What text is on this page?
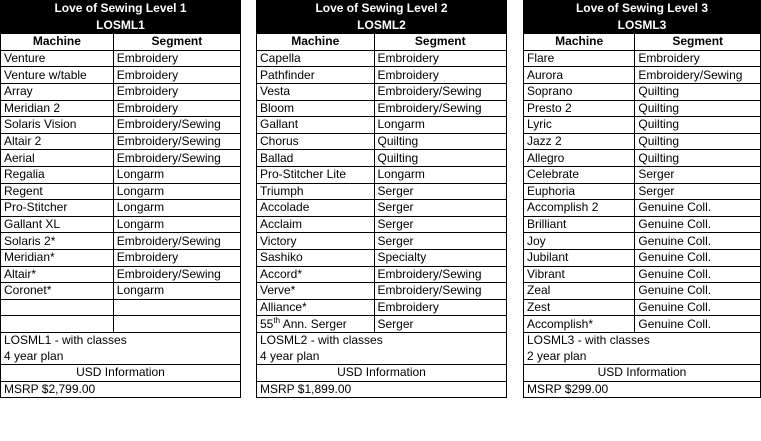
Love of Sewing Level 1	
LOSML1	
Machine	Segment
Venture	Embroidery
Venture w/table	Embroidery
Array	Embroidery
Meridian 2	Embroidery
Solaris Vision	Embroidery/Sewing
Altair 2	Embroidery/Sewing
Aerial	Embroidery/Sewing
Regalia	Longarm
Regent	Longarm
Pro-Stitcher	Longarm
Gallant XL	Longarm
Solaris 2*	Embroidery/Sewing
Meridian*	Embroidery
Altair*	Embroidery/Sewing
Coronet*	Longarm

LOSML1 - with classes	
4 year plan	
USD Information	
MSRP $2,799.00	
Love of Sewing Level 2	
LOSML2	
Machine	Segment
Capella	Embroidery
Pathfinder	Embroidery
Vesta	Embroidery/Sewing
Bloom	Embroidery/Sewing
Gallant	Longarm
Chorus	Quilting
Ballad	Quilting
Pro-Stitcher Lite	Longarm
Triumph	Serger
Accolade	Serger
Acclaim	Serger
Victory	Serger
Sashiko	Specialty
Accord*	Embroidery/Sewing
Verve*	Embroidery/Sewing
Alliance*	Embroidery
55th Ann. Serger	Serger
LOSML2 - with classes	
4 year plan	
USD Information	
MSRP $1,899.00	
Love of Sewing Level 3	
LOSML3	
Machine	Segment
Flare	Embroidery
Aurora	Embroidery/Sewing
Soprano	Quilting
Presto 2	Quilting
Lyric	Quilting
Jazz 2	Quilting
Allegro	Quilting
Celebrate	Serger
Euphoria	Serger
Accomplish 2	Genuine Coll.
Brilliant	Genuine Coll.
Joy	Genuine Coll.
Jubilant	Genuine Coll.
Vibrant	Genuine Coll.
Zeal	Genuine Coll.
Zest	Genuine Coll.
Accomplish*	Genuine Coll.
LOSML3 - with classes	
2 year plan	
USD Information	
MSRP $299.00	
